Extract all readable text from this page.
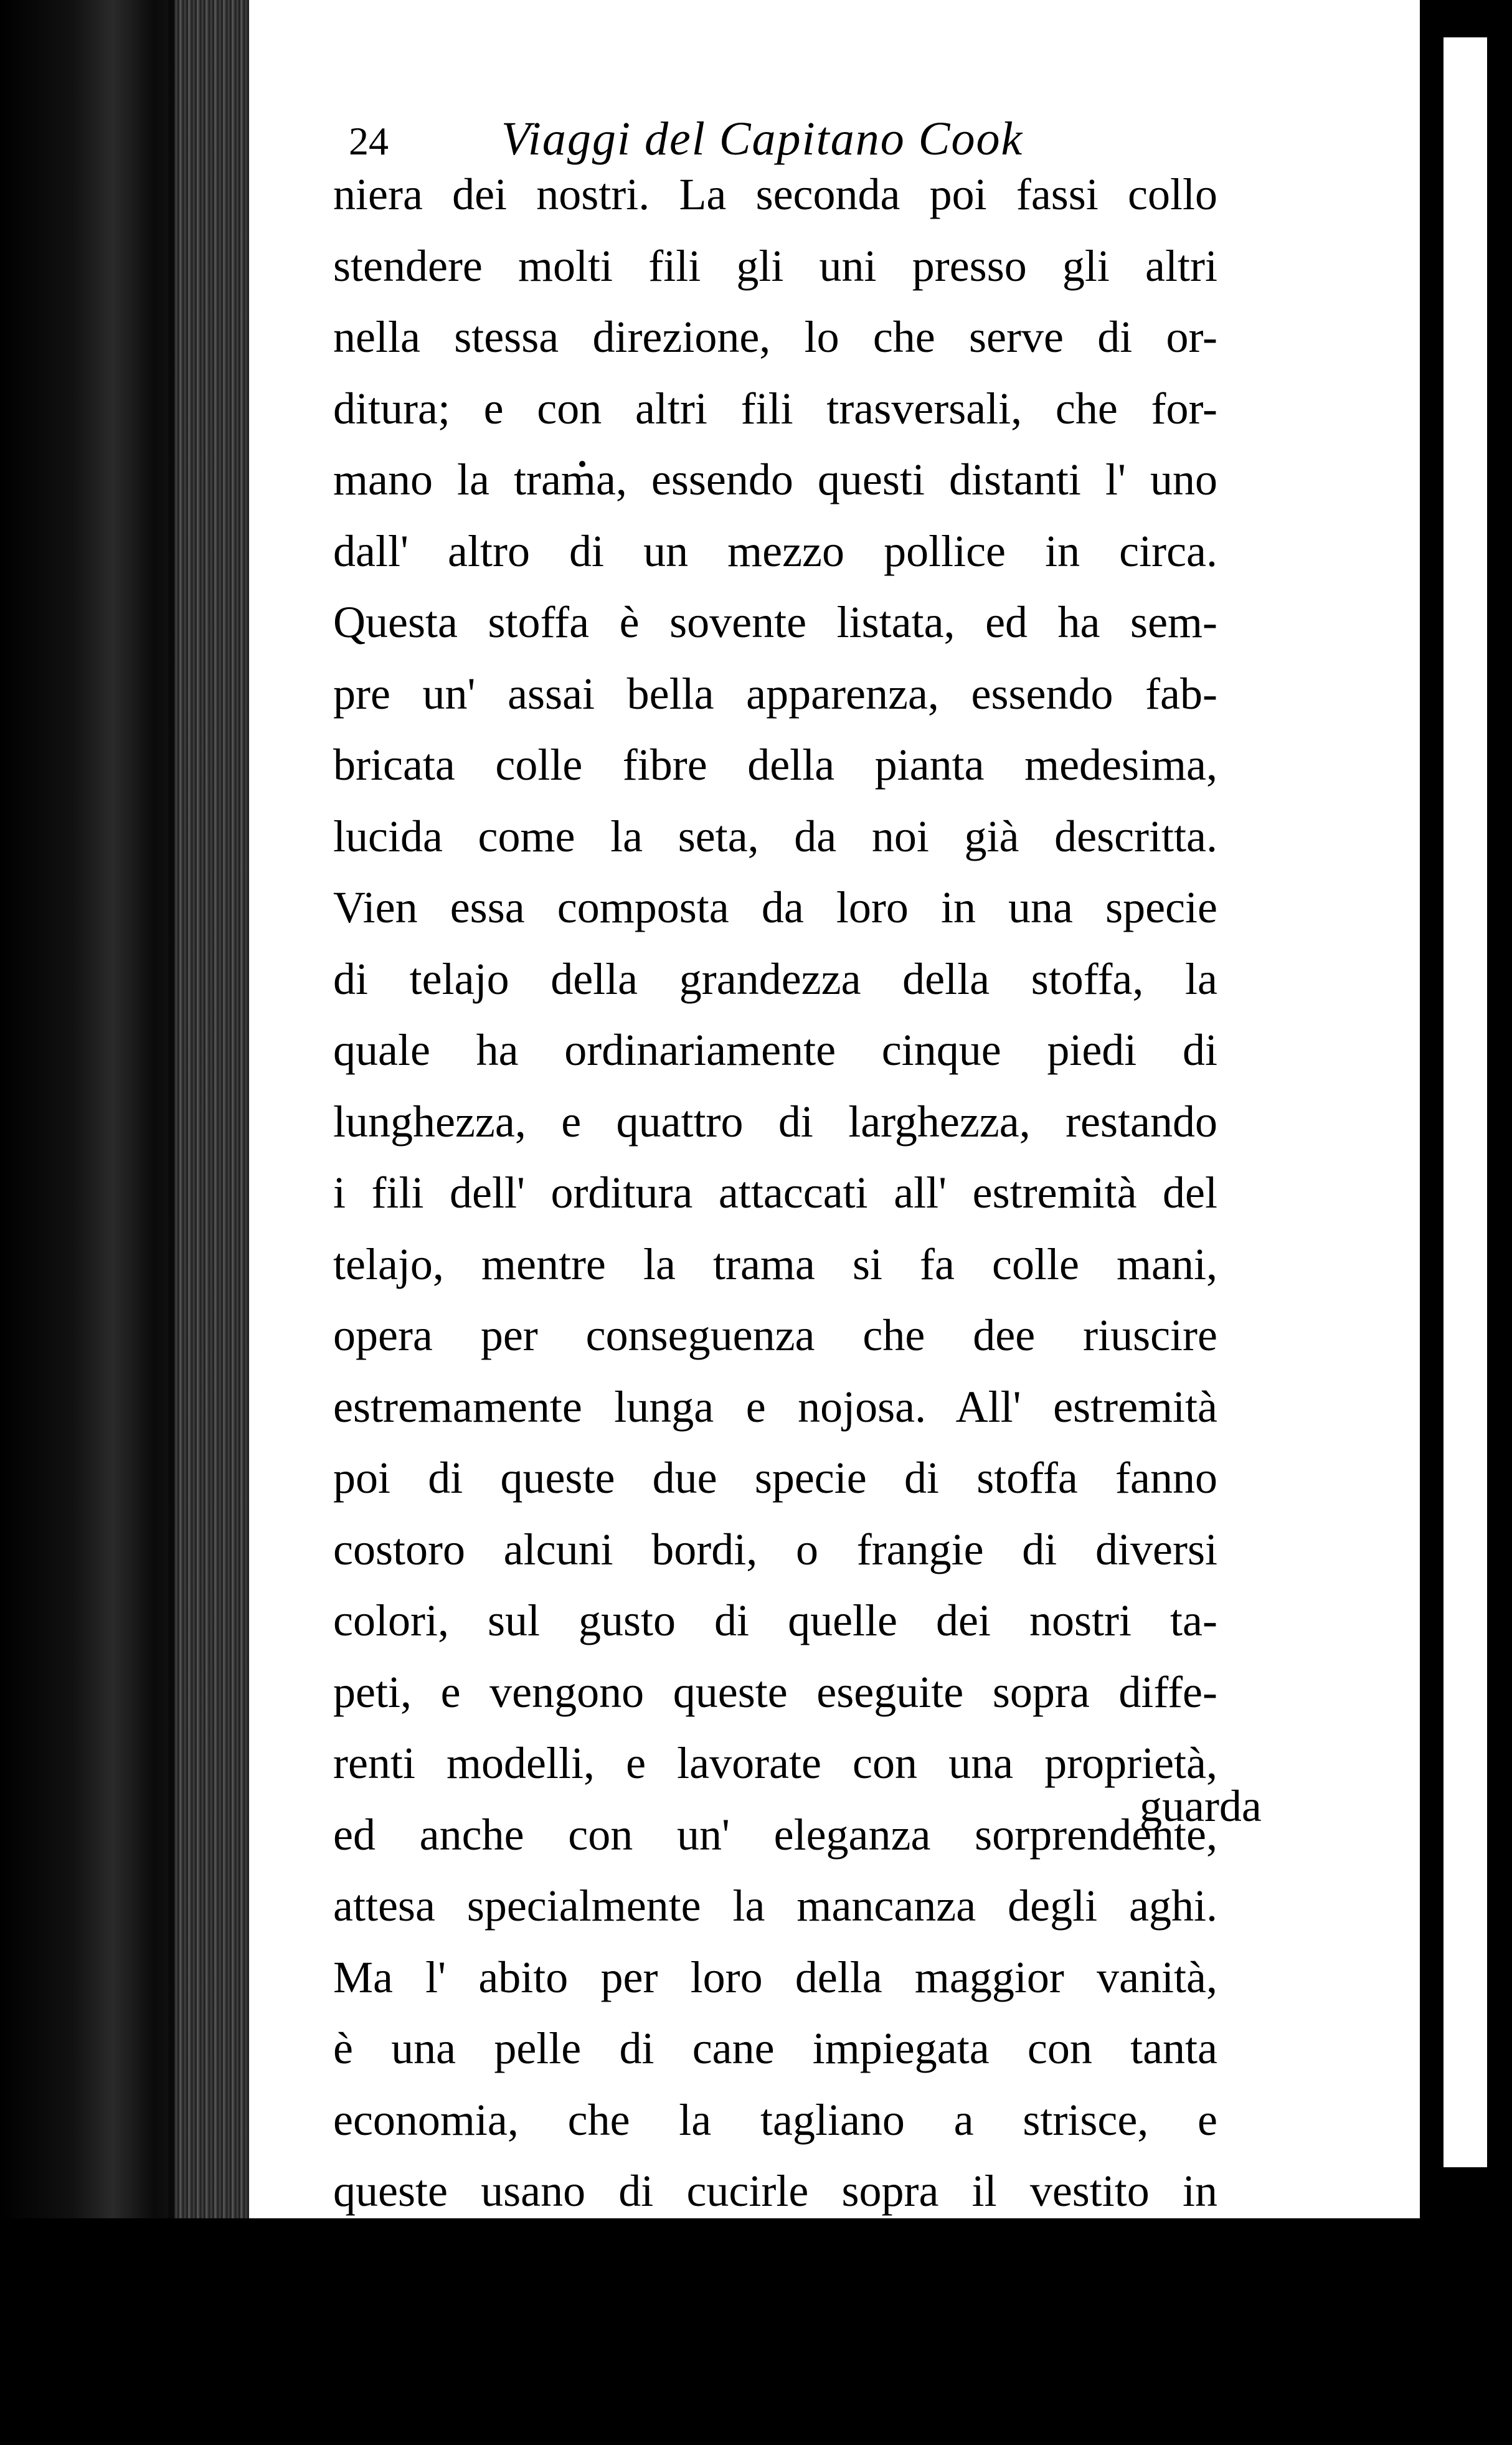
24 Viaggi del Capitano Cook
niera dei nostri. La seconda poi fassi collo
stendere molti fili gli uni presso gli altri
nella stessa direzione, lo che serve di or-
ditura; e con altri fili trasversali, che for-
mano la trama, essendo questi distanti l' uno
dall' altro di un mezzo pollice in circa.
Questa stoffa è sovente listata, ed ha sem-
pre un' assai bella apparenza, essendo fab-
bricata colle fibre della pianta medesima,
lucida come la seta, da noi già descritta.
Vien essa composta da loro in una specie
di telajo della grandezza della stoffa, la
quale ha ordinariamente cinque piedi di
lunghezza, e quattro di larghezza, restando
i fili dell' orditura attaccati all' estremità del
telajo, mentre la trama si fa colle mani,
opera per conseguenza che dee riuscire
estremamente lunga e nojosa. All' estremità
poi di queste due specie di stoffa fanno
costoro alcuni bordi, o frangie di diversi
colori, sul gusto di quelle dei nostri ta-
peti, e vengono queste eseguite sopra diffe-
renti modelli, e lavorate con una proprietà,
ed anche con un' eleganza sorprendente,
attesa specialmente la mancanza degli aghi.
Ma l' abito per loro della maggior vanità,
è una pelle di cane impiegata con tanta
economia, che la tagliano a strisce, e
queste usano di cucirle sopra il vestito in
qualche distanza l' una dall' altra, lo che
parimente prova non essere i cani molto
abbondanti nel loro paese. Per quello ri-
guarda
